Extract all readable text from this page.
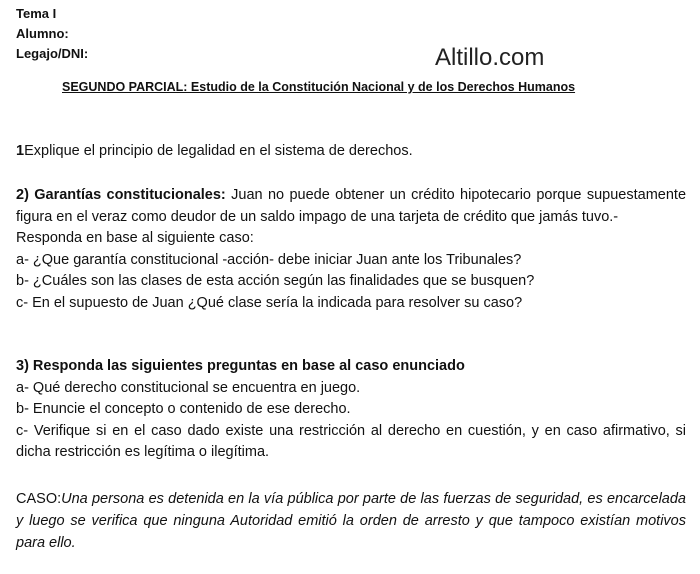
Tema I
Alumno:
Legajo/DNI:	Altillo.com
SEGUNDO PARCIAL: Estudio de la Constitución Nacional y de los Derechos Humanos
1Explique el principio de legalidad en el sistema de derechos.
2) Garantías constitucionales: Juan no puede obtener un crédito hipotecario porque supuestamente figura en el veraz como deudor de un saldo impago de una tarjeta de crédito que jamás tuvo.-
Responda en base al siguiente caso:
a- ¿Que garantía constitucional -acción- debe iniciar Juan ante los Tribunales?
b- ¿Cuáles son las clases de esta acción según las finalidades que se busquen?
c- En el supuesto de Juan ¿Qué clase sería la indicada para resolver su caso?
3) Responda las siguientes preguntas en base al caso enunciado
a- Qué derecho constitucional se encuentra en juego.
b- Enuncie el concepto o contenido de ese derecho.
c- Verifique si en el caso dado existe una restricción al derecho en cuestión, y en caso afirmativo, si dicha restricción es legítima o ilegítima.
CASO:Una persona es detenida en la vía pública por parte de las fuerzas de seguridad, es encarcelada y luego se verifica que ninguna Autoridad emitió la orden de arresto y que tampoco existían motivos para ello.
